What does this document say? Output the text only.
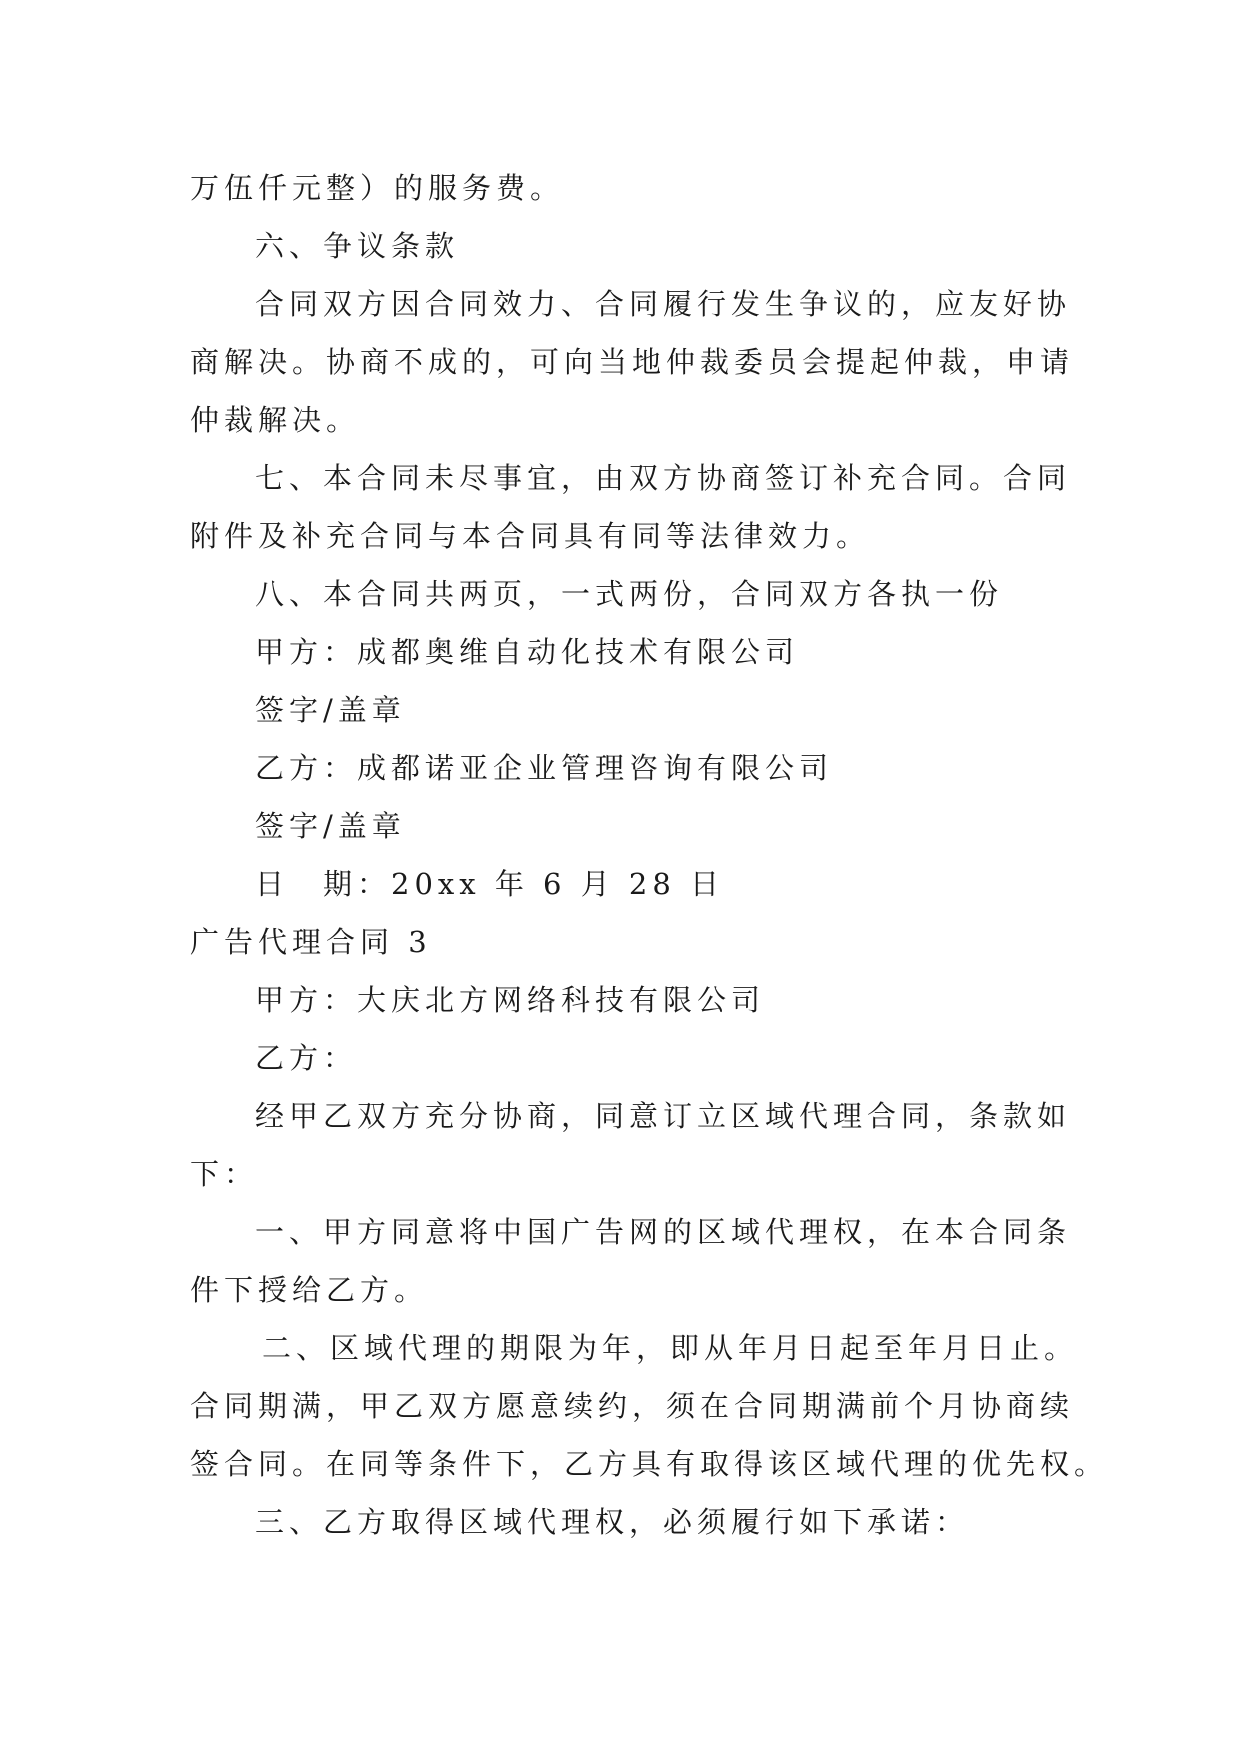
万伍仟元整）的服务费。
六、争议条款
合同双方因合同效力、合同履行发生争议的，应友好协
商解决。协商不成的，可向当地仲裁委员会提起仲裁，申请
仲裁解决。
七、本合同未尽事宜，由双方协商签订补充合同。合同
附件及补充合同与本合同具有同等法律效力。
八、本合同共两页，一式两份，合同双方各执一份
甲方：成都奥维自动化技术有限公司
签字/盖章
乙方：成都诺亚企业管理咨询有限公司
签字/盖章
日　期：20xx 年 6 月 28 日
广告代理合同 3
甲方：大庆北方网络科技有限公司
乙方：
经甲乙双方充分协商，同意订立区域代理合同，条款如
下：
一、甲方同意将中国广告网的区域代理权，在本合同条
件下授给乙方。
二、区域代理的期限为年，即从年月日起至年月日止。
合同期满，甲乙双方愿意续约，须在合同期满前个月协商续
签合同。在同等条件下，乙方具有取得该区域代理的优先权。
三、乙方取得区域代理权，必须履行如下承诺：
